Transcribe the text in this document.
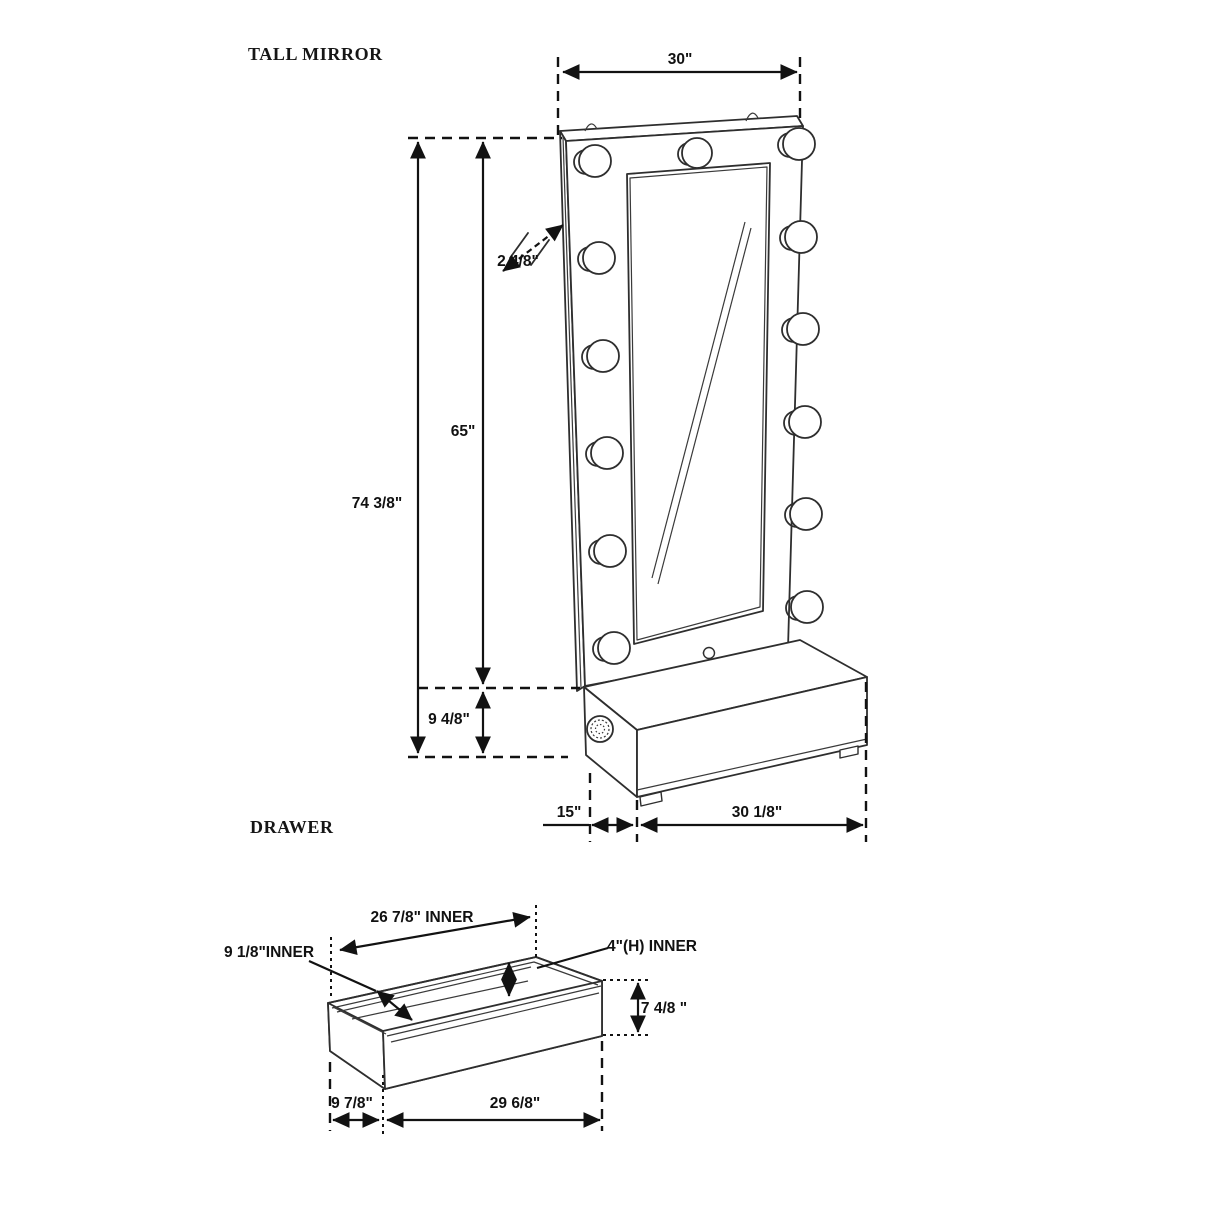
TALL MIRROR
DRAWER
30"
2 4/8"
74 3/8"
65"
9 4/8"
15"	30 1/8"
26 7/8" INNER
9 1/8"INNER	4"(H) INNER
7 4/8 "
9 7/8"	29 6/8"
